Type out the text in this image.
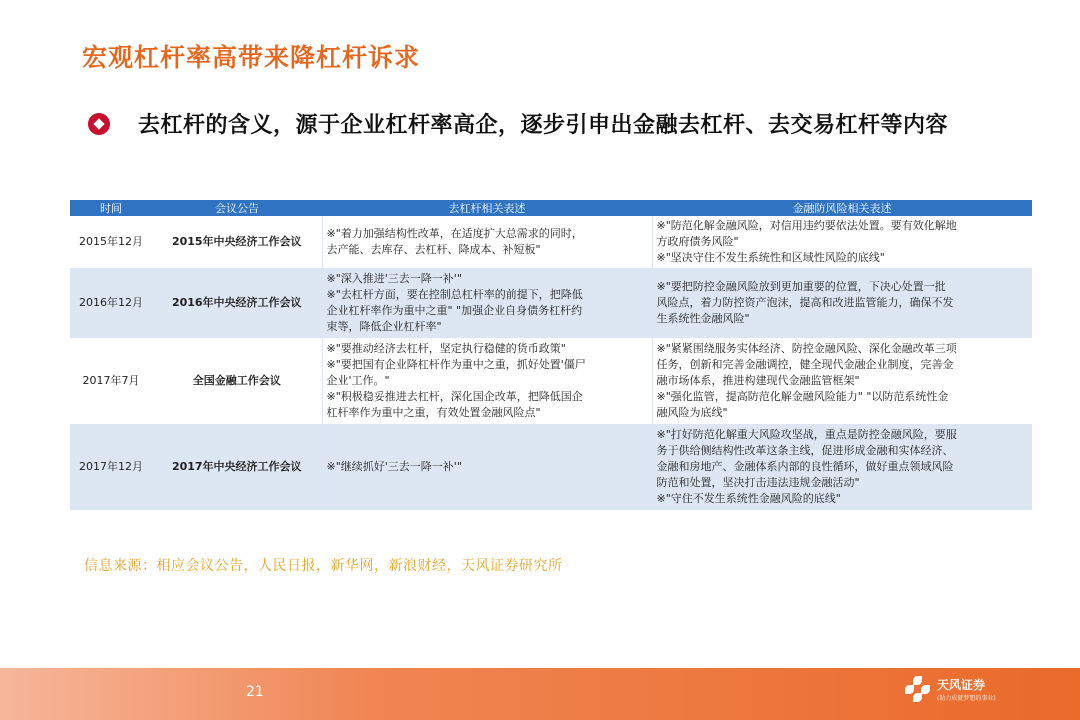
宏观杠杆率高带来降杠杆诉求
去杠杆的含义，源于企业杠杆率高企，逐步引申出金融去杠杆、去交易杠杆等内容
时间	会议公告	去杠杆相关表述	金融防风险相关表述
2015年12月	2015年中央经济工作会议	※"着力加强结构性改革，在适度扩大总需求的同时，
去产能、去库存、去杠杆、降成本、补短板"	※"防范化解金融风险，对信用违约要依法处置。要有效化解地
方政府债务风险"
※"坚决守住不发生系统性和区域性风险的底线"

2016年12月	2016年中央经济工作会议	※"深入推进'三去一降一补'"
※"去杠杆方面，要在控制总杠杆率的前提下，把降低
企业杠杆率作为重中之重" "加强企业自身债务杠杆约
束等，降低企业杠杆率"	※"要把防控金融风险放到更加重要的位置，下决心处置一批
风险点，着力防控资产泡沫，提高和改进监管能力，确保不发
生系统性金融风险"

2017年7月	全国金融工作会议	※"要推动经济去杠杆，坚定执行稳健的货币政策"
※"要把国有企业降杠杆作为重中之重，抓好处置'僵尸
企业'工作。"
※"积极稳妥推进去杠杆，深化国企改革，把降低国企
杠杆率作为重中之重，有效处置金融风险点"	※"紧紧围绕服务实体经济、防控金融风险、深化金融改革三项
任务，创新和完善金融调控，健全现代金融企业制度，完善金
融市场体系，推进构建现代金融监管框架"
※"强化监管，提高防范化解金融风险能力" "以防范系统性金
融风险为底线"

2017年12月	2017年中央经济工作会议	※"继续抓好'三去一降一补'"	※"打好防范化解重大风险攻坚战，重点是防控金融风险，要服
务于供给侧结构性改革这条主线，促进形成金融和实体经济、
金融和房地产、金融体系内部的良性循环，做好重点领域风险
防范和处置，坚决打击违法违规金融活动"
※"守住不发生系统性金融风险的底线"
信息来源：相应会议公告，人民日报，新华网，新浪财经，天风证券研究所
21	天风证券
(助力成就梦想的事业)
